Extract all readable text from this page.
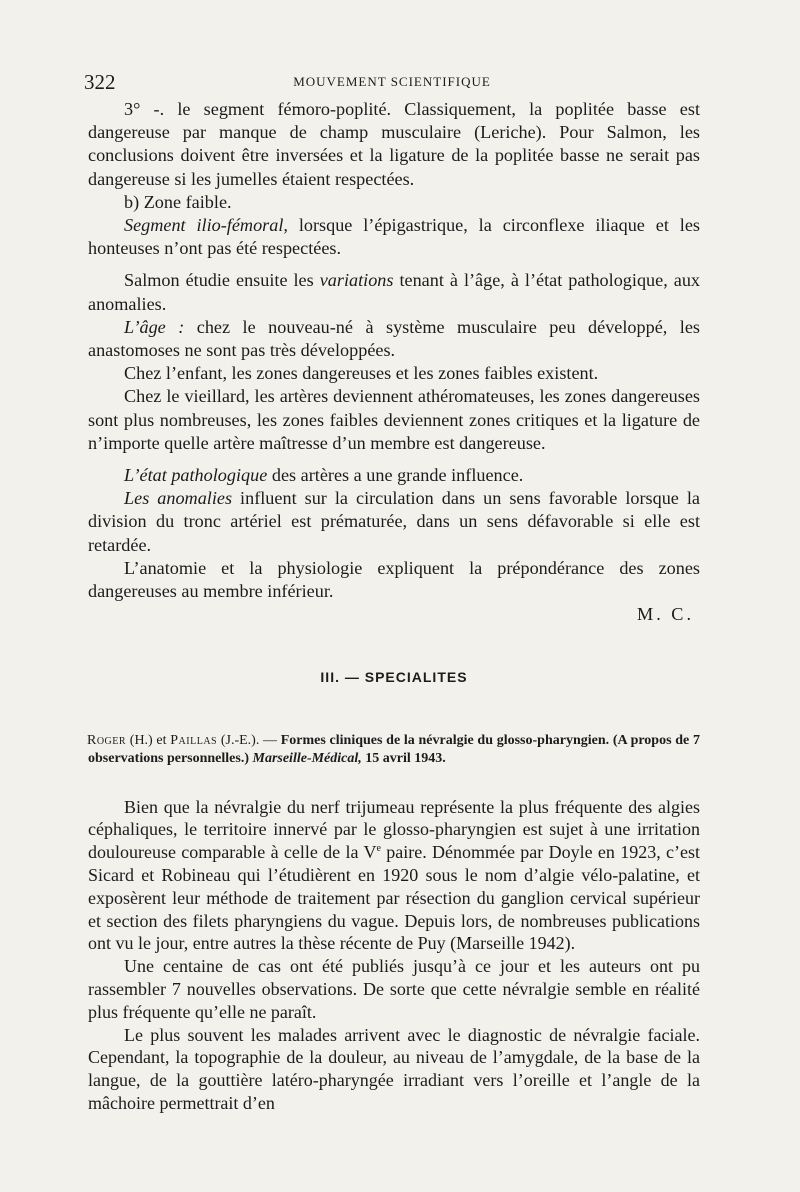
322	MOUVEMENT SCIENTIFIQUE

3° -. le segment fémoro-poplité. Classiquement, la poplitée basse est dangereuse par manque de champ musculaire (Leriche). Pour Salmon, les conclusions doivent être inversées et la ligature de la poplitée basse ne serait pas dangereuse si les jumelles étaient respectées.

b) Zone faible.

Segment ilio-fémoral, lorsque l’épigastrique, la circonflexe iliaque et les honteuses n’ont pas été respectées.

Salmon étudie ensuite les variations tenant à l’âge, à l’état pathologique, aux anomalies.

L’âge : chez le nouveau-né à système musculaire peu développé, les anastomoses ne sont pas très développées.

Chez l’enfant, les zones dangereuses et les zones faibles existent.

Chez le vieillard, les artères deviennent athéromateuses, les zones dangereuses sont plus nombreuses, les zones faibles deviennent zones critiques et la ligature de n’importe quelle artère maîtresse d’un membre est dangereuse.

L’état pathologique des artères a une grande influence.

Les anomalies influent sur la circulation dans un sens favorable lorsque la division du tronc artériel est prématurée, dans un sens défavorable si elle est retardée.

L’anatomie et la physiologie expliquent la prépondérance des zones dangereuses au membre inférieur.

M. C.

III. — SPECIALITES

Roger (H.) et Paillas (J.-E.). — Formes cliniques de la névralgie du glosso-pharyngien. (A propos de 7 observations personnelles.) Marseille-Médical, 15 avril 1943.

Bien que la névralgie du nerf trijumeau représente la plus fréquente des algies céphaliques, le territoire innervé par le glosso-pharyngien est sujet à une irritation douloureuse comparable à celle de la Ve paire. Dénommée par Doyle en 1923, c’est Sicard et Robineau qui l’étudièrent en 1920 sous le nom d’algie vélo-palatine, et exposèrent leur méthode de traitement par résection du ganglion cervical supérieur et section des filets pharyngiens du vague. Depuis lors, de nombreuses publications ont vu le jour, entre autres la thèse récente de Puy (Marseille 1942).

Une centaine de cas ont été publiés jusqu’à ce jour et les auteurs ont pu rassembler 7 nouvelles observations. De sorte que cette névralgie semble en réalité plus fréquente qu’elle ne paraît.

Le plus souvent les malades arrivent avec le diagnostic de névralgie faciale. Cependant, la topographie de la douleur, au niveau de l’amygdale, de la base de la langue, de la gouttière latéro-pharyngée irradiant vers l’oreille et l’angle de la mâchoire permettrait d’en
